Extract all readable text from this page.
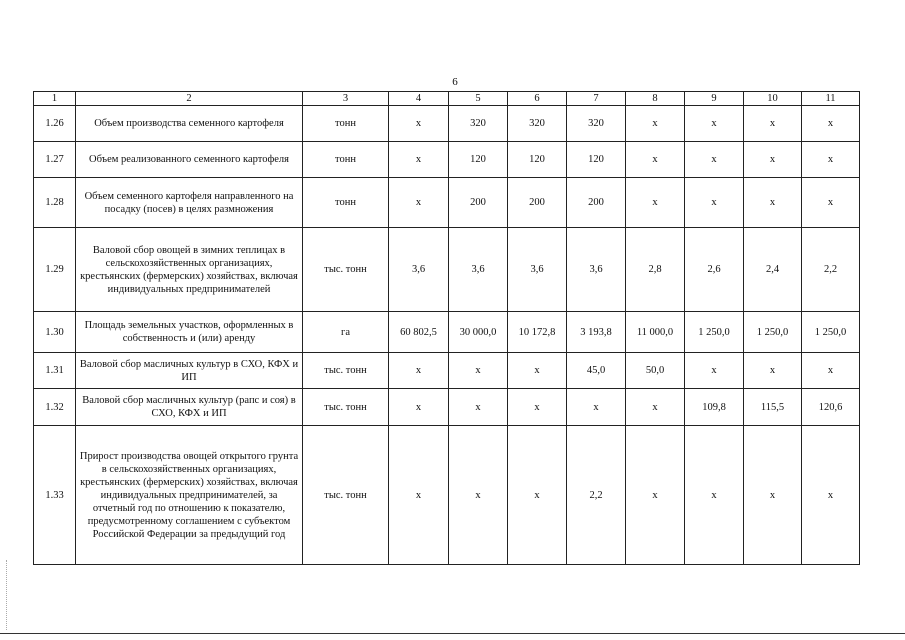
6
1	2	3	4	5	6	7	8	9	10	11
1.26	Объем производства семенного картофеля	тонн	x	320	320	320	x	x	x	x
1.27	Объем реализованного семенного картофеля	тонн	x	120	120	120	x	x	x	x
1.28	Объем семенного картофеля направленного на посадку (посев) в целях размножения	тонн	x	200	200	200	x	x	x	x
1.29	Валовой сбор овощей в зимних теплицах в сельскохозяйственных организациях, крестьянских (фермерских) хозяйствах, включая индивидуальных предпринимателей	тыс. тонн	3,6	3,6	3,6	3,6	2,8	2,6	2,4	2,2
1.30	Площадь земельных участков, оформленных в собственность и (или) аренду	га	60 802,5	30 000,0	10 172,8	3 193,8	11 000,0	1 250,0	1 250,0	1 250,0
1.31	Валовой сбор масличных культур в СХО, КФХ и ИП	тыс. тонн	x	x	x	45,0	50,0	x	x	x
1.32	Валовой сбор масличных культур (рапс и соя) в СХО, КФХ и ИП	тыс. тонн	x	x	x	x	x	109,8	115,5	120,6
1.33	Прирост производства овощей открытого грунта в сельскохозяйственных организациях, крестьянских (фермерских) хозяйствах, включая индивидуальных предпринимателей, за отчетный год по отношению к показателю, предусмотренному соглашением с субъектом Российской Федерации за предыдущий год	тыс. тонн	x	x	x	2,2	x	x	x	x
